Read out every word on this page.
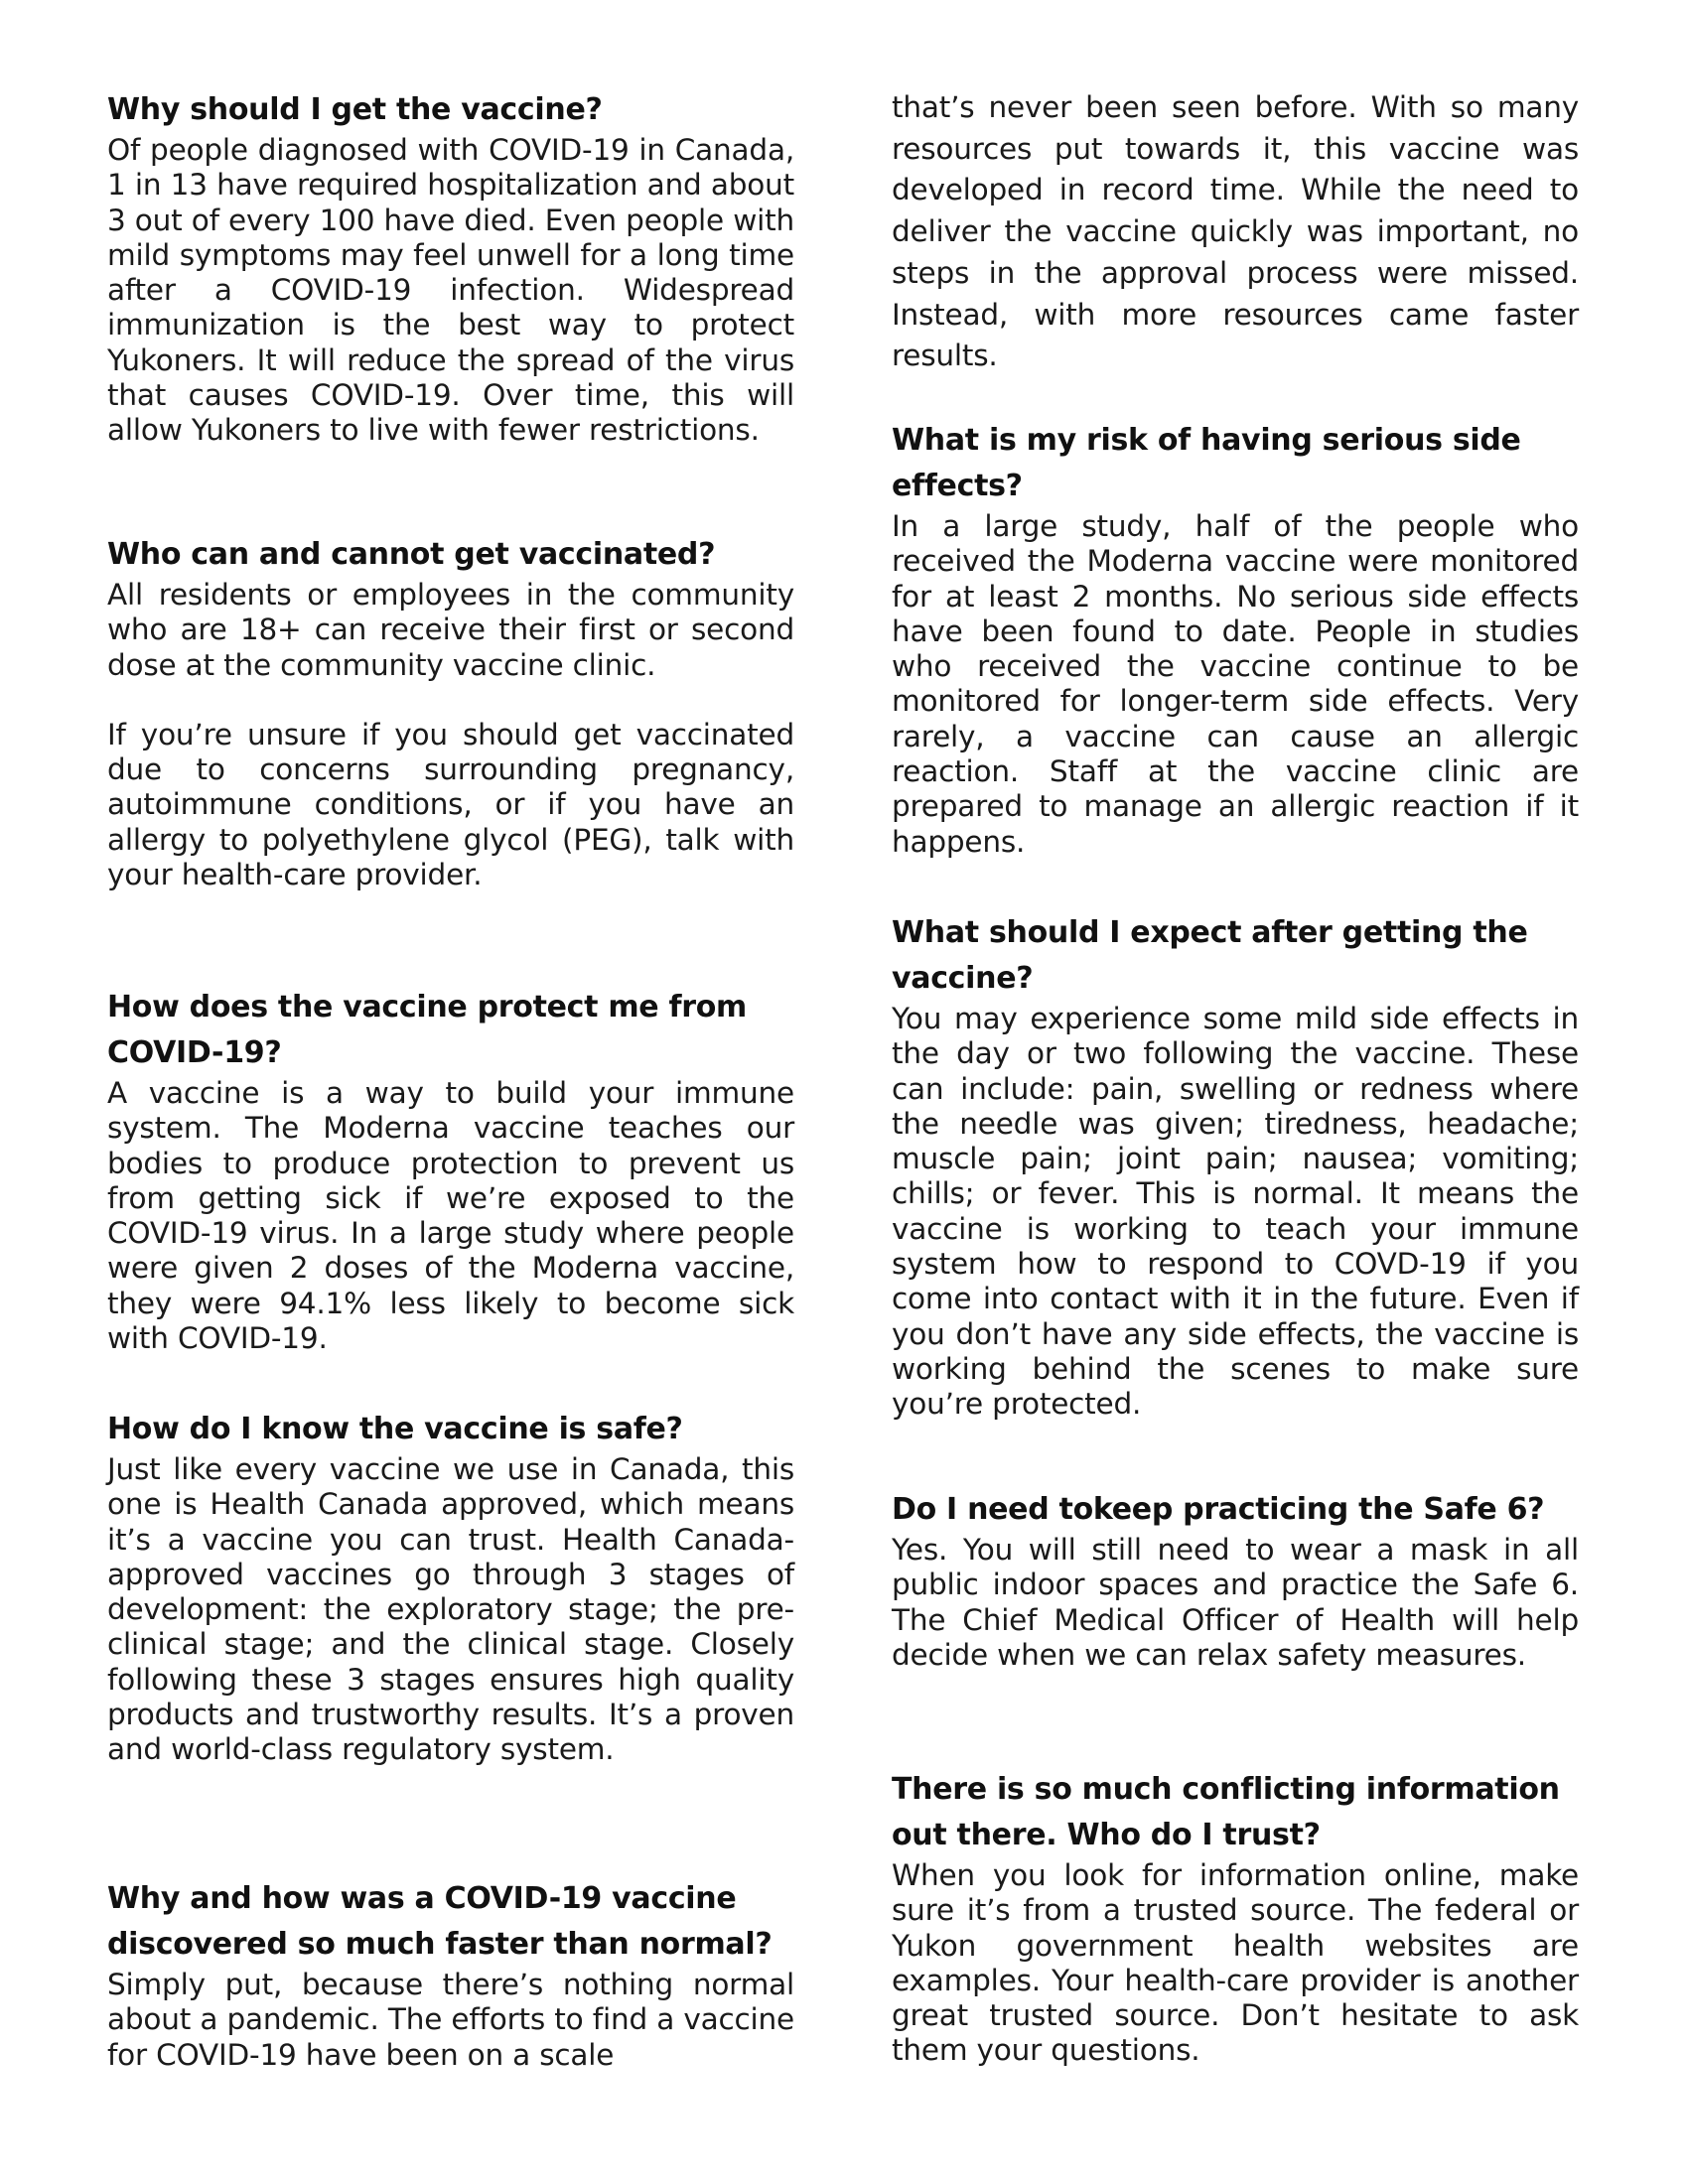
Why should I get the vaccine?

Of people diagnosed with COVID-19 in Canada, 1 in 13 have required hospitalization and about 3 out of every 100 have died. Even people with mild symptoms may feel unwell for a long time after a COVID-19 infection. Widespread immunization is the best way to protect Yukoners. It will reduce the spread of the virus that causes COVID-19. Over time, this will allow Yukoners to live with fewer restrictions.

Who can and cannot get vaccinated?

All residents or employees in the community who are 18+ can receive their first or second dose at the community vaccine clinic.

If you’re unsure if you should get vaccinated due to concerns surrounding pregnancy, autoimmune conditions, or if you have an allergy to polyethylene glycol (PEG), talk with your health-care provider.

How does the vaccine protect me from COVID-19?

A vaccine is a way to build your immune system. The Moderna vaccine teaches our bodies to produce protection to prevent us from getting sick if we’re exposed to the COVID-19 virus. In a large study where people were given 2 doses of the Moderna vaccine, they were 94.1% less likely to become sick with COVID-19.

How do I know the vaccine is safe?

Just like every vaccine we use in Canada, this one is Health Canada approved, which means it’s a vaccine you can trust. Health Canada-approved vaccines go through 3 stages of development: the exploratory stage; the pre-clinical stage; and the clinical stage. Closely following these 3 stages ensures high quality products and trustworthy results. It’s a proven and world-class regulatory system.

Why and how was a COVID-19 vaccine discovered so much faster than normal?

Simply put, because there’s nothing normal about a pandemic. The efforts to find a vaccine for COVID-19 have been on a scale

that’s never been seen before. With so many resources put towards it, this vaccine was developed in record time. While the need to deliver the vaccine quickly was important, no steps in the approval process were missed. Instead, with more resources came faster results.

What is my risk of having serious side effects?

In a large study, half of the people who received the Moderna vaccine were monitored for at least 2 months. No serious side effects have been found to date. People in studies who received the vaccine continue to be monitored for longer-term side effects. Very rarely, a vaccine can cause an allergic reaction. Staff at the vaccine clinic are prepared to manage an allergic reaction if it happens.

What should I expect after getting the vaccine?

You may experience some mild side effects in the day or two following the vaccine. These can include: pain, swelling or redness where the needle was given; tiredness, headache; muscle pain; joint pain; nausea; vomiting; chills; or fever. This is normal. It means the vaccine is working to teach your immune system how to respond to COVD-19 if you come into contact with it in the future. Even if you don’t have any side effects, the vaccine is working behind the scenes to make sure you’re protected.

Do I need tokeep practicing the Safe 6?

Yes. You will still need to wear a mask in all public indoor spaces and practice the Safe 6. The Chief Medical Officer of Health will help decide when we can relax safety measures.

There is so much conflicting information out there. Who do I trust?

When you look for information online, make sure it’s from a trusted source. The federal or Yukon government health websites are examples. Your health-care provider is another great trusted source. Don’t hesitate to ask them your questions.
